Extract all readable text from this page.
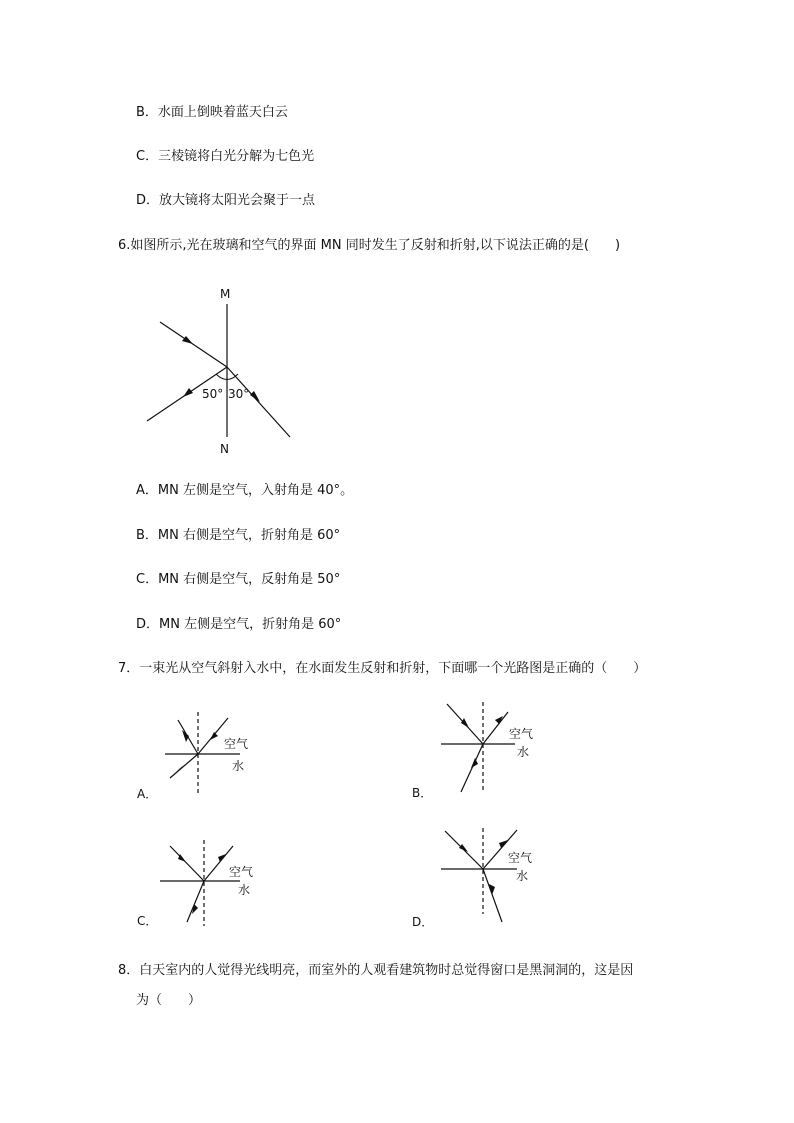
B．水面上倒映着蓝天白云
C．三棱镜将白光分解为七色光
D．放大镜将太阳光会聚于一点
6.如图所示,光在玻璃和空气的界面 MN 同时发生了反射和折射,以下说法正确的是(　　)
M
N
50° 30°
A．MN 左侧是空气，入射角是 40°。
B．MN 右侧是空气，折射角是 60°
C．MN 右侧是空气，反射角是 50°
D．MN 左侧是空气，折射角是 60°
7．一束光从空气斜射入水中，在水面发生反射和折射，下面哪一个光路图是正确的（　　）
空气
水
A．
空气
水
B．
空气
水
C．
空气
水
D．
8．白天室内的人觉得光线明亮，而室外的人观看建筑物时总觉得窗口是黑洞洞的，这是因
为（　　）
